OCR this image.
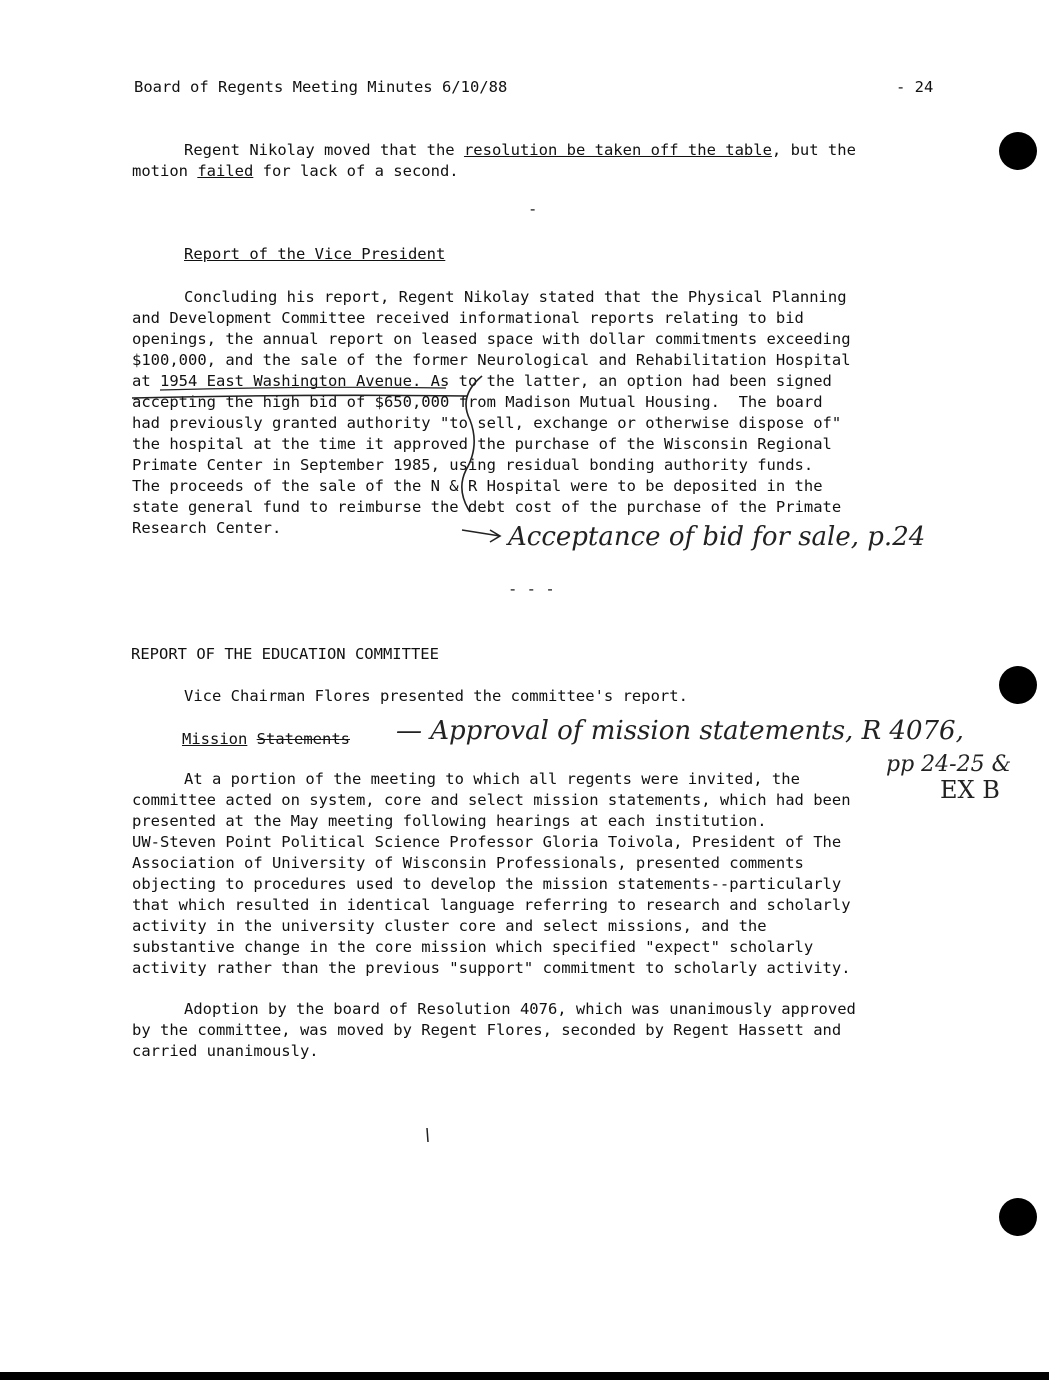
Board of Regents Meeting Minutes 6/10/88	- 24
Regent Nikolay moved that the resolution be taken off the table, but the
motion failed for lack of a second.
-
Report of the Vice President
Concluding his report, Regent Nikolay stated that the Physical Planning
and Development Committee received informational reports relating to bid
openings, the annual report on leased space with dollar commitments exceeding
$100,000, and the sale of the former Neurological and Rehabilitation Hospital
at 1954 East Washington Avenue. As to the latter, an option had been signed
accepting the high bid of $650,000 from Madison Mutual Housing.  The board
had previously granted authority "to sell, exchange or otherwise dispose of"
the hospital at the time it approved the purchase of the Wisconsin Regional
Primate Center in September 1985, using residual bonding authority funds.
The proceeds of the sale of the N & R Hospital were to be deposited in the
state general fund to reimburse the debt cost of the purchase of the Primate
Research Center.	Acceptance of bid for sale, p.24
- - -
REPORT OF THE EDUCATION COMMITTEE
Vice Chairman Flores presented the committee's report.
Mission Statements — Approval of mission statements, R 4076,
pp 24-25 &
EX B
At a portion of the meeting to which all regents were invited, the
committee acted on system, core and select mission statements, which had been
presented at the May meeting following hearings at each institution.
UW-Steven Point Political Science Professor Gloria Toivola, President of The
Association of University of Wisconsin Professionals, presented comments
objecting to procedures used to develop the mission statements--particularly
that which resulted in identical language referring to research and scholarly
activity in the university cluster core and select missions, and the
substantive change in the core mission which specified "expect" scholarly
activity rather than the previous "support" commitment to scholarly activity.
Adoption by the board of Resolution 4076, which was unanimously approved
by the committee, was moved by Regent Flores, seconded by Regent Hassett and
carried unanimously.
